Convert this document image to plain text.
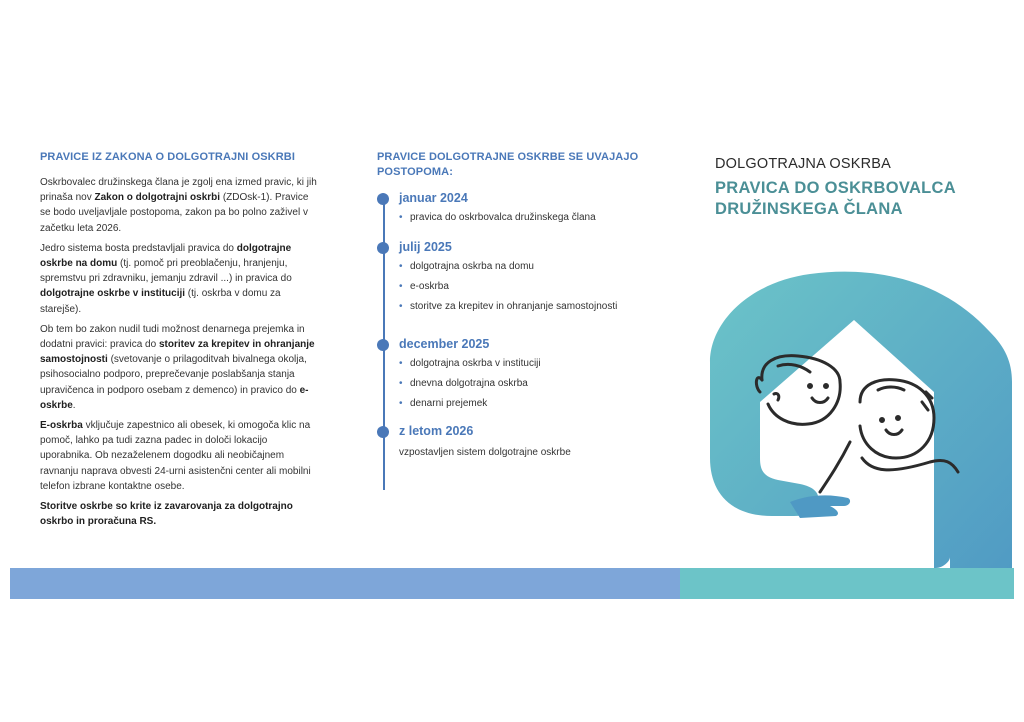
PRAVICE IZ ZAKONA O DOLGOTRAJNI OSKRBI

Oskrbovalec družinskega člana je zgolj ena izmed pravic, ki jih prinaša nov Zakon o dolgotrajni oskrbi (ZDOsk-1). Pravice se bodo uveljavljale postopoma, zakon pa bo polno zaživel v začetku leta 2026.

Jedro sistema bosta predstavljali pravica do dolgotrajne oskrbe na domu (tj. pomoč pri preoblačenju, hranjenju, spremstvu pri zdravniku, jemanju zdravil ...) in pravica do dolgotrajne oskrbe v instituciji (tj. oskrba v domu za starejše).

Ob tem bo zakon nudil tudi možnost denarnega prejemka in dodatni pravici: pravica do storitev za krepitev in ohranjanje samostojnosti (svetovanje o prilagoditvah bivalnega okolja, psihosocialno podporo, preprečevanje poslabšanja stanja upravičenca in podporo osebam z demenco) in pravico do e-oskrbe.

E-oskrba vključuje zapestnico ali obesek, ki omogoča klic na pomoč, lahko pa tudi zazna padec in določi lokacijo uporabnika. Ob nezaželenem dogodku ali neobičajnem ravnanju naprava obvesti 24-urni asistenčni center ali mobilni telefon izbrane kontaktne osebe.

Storitve oskrbe so krite iz zavarovanja za dolgotrajno oskrbo in proračuna RS.

PRAVICE DOLGOTRAJNE OSKRBE SE UVAJAJO POSTOPOMA:
januar 2024
• pravica do oskrbovalca družinskega člana
julij 2025
• dolgotrajna oskrba na domu
• e-oskrba
• storitve za krepitev in ohranjanje samostojnosti
december 2025
• dolgotrajna oskrba v instituciji
• dnevna dolgotrajna oskrba
• denarni prejemek
z letom 2026
vzpostavljen sistem dolgotrajne oskrbe
DOLGOTRAJNA OSKRBA
PRAVICA DO OSKRBOVALCA
DRUŽINSKEGA ČLANA
